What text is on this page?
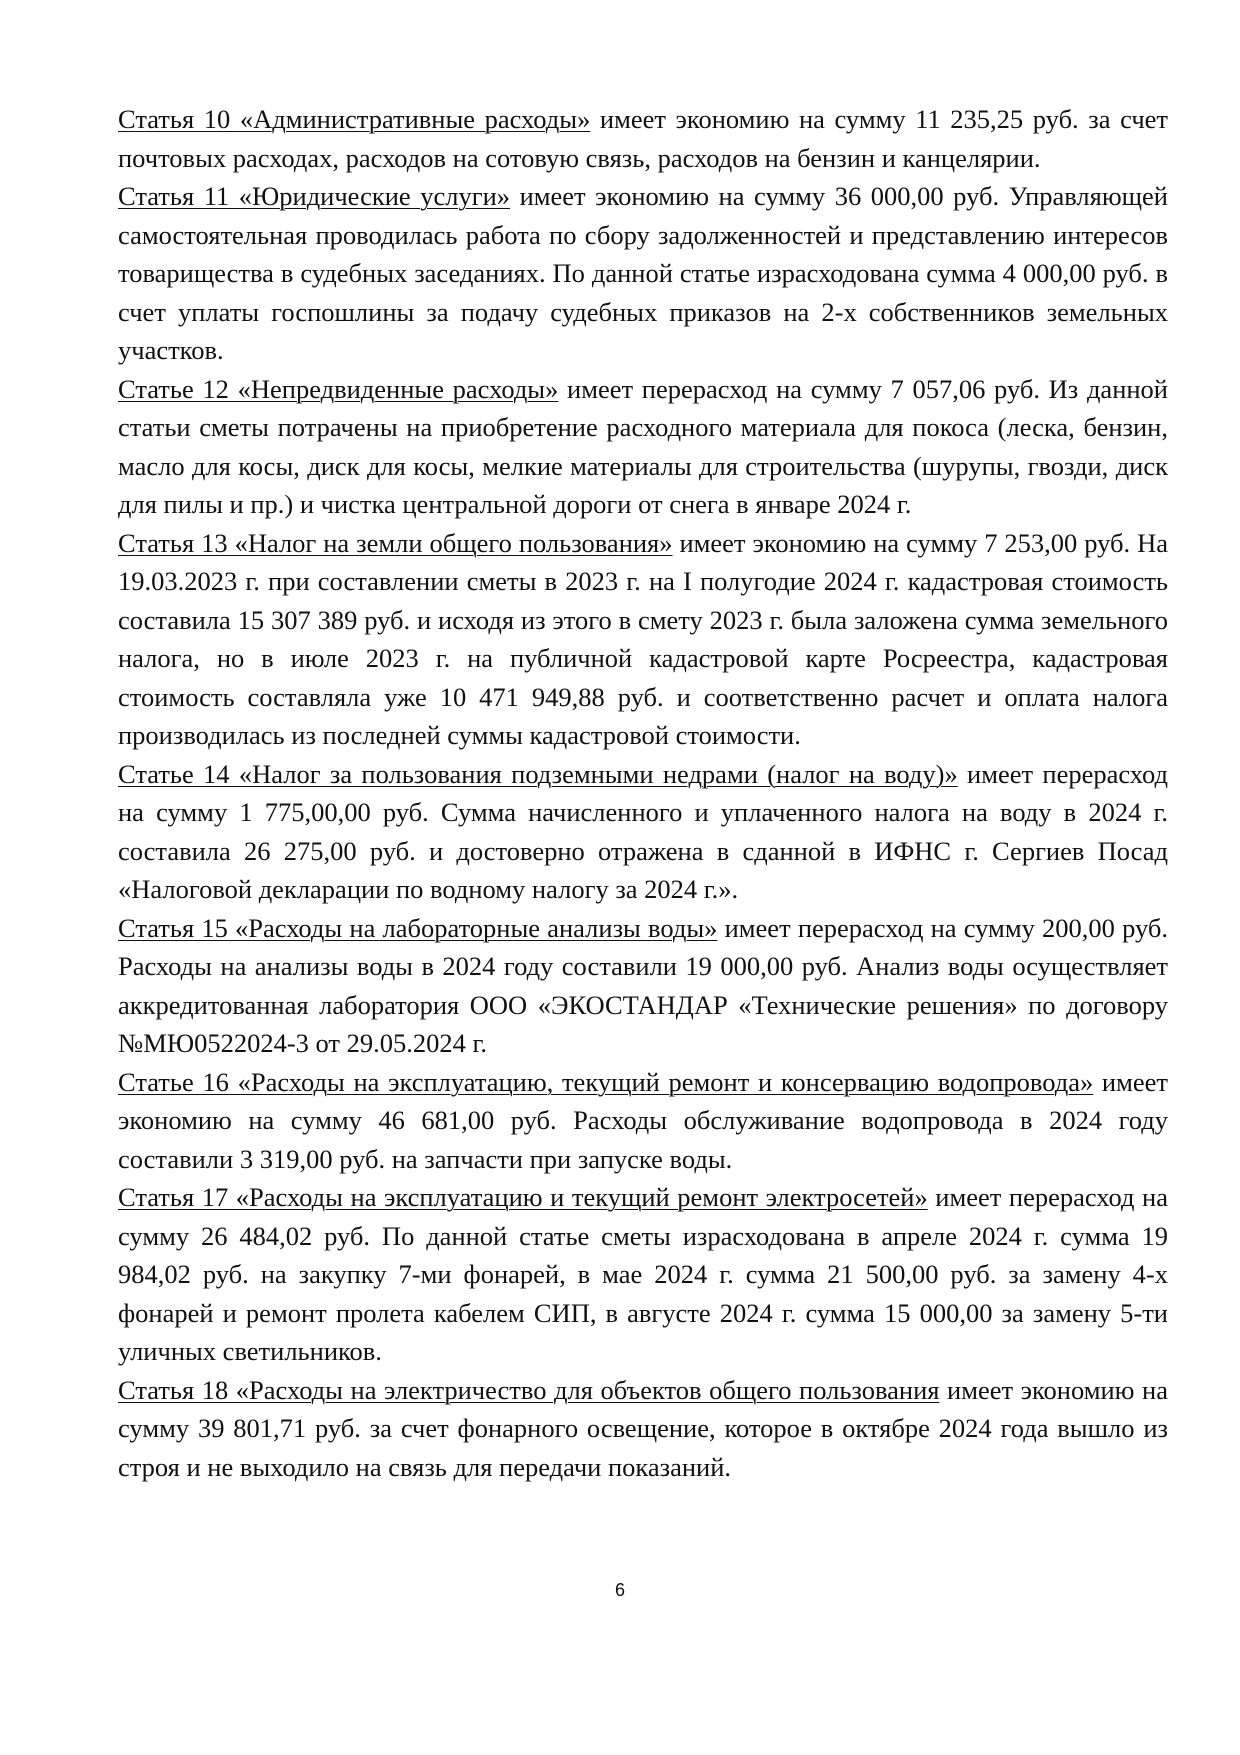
Статья 10 «Административные расходы» имеет экономию на сумму 11 235,25 руб. за счет почтовых расходах, расходов на сотовую связь, расходов на бензин и канцелярии.

Статья 11 «Юридические услуги» имеет экономию на сумму 36 000,00 руб. Управляющей самостоятельная проводилась работа по сбору задолженностей и представлению интересов товарищества в судебных заседаниях. По данной статье израсходована сумма 4 000,00 руб. в счет уплаты госпошлины за подачу судебных приказов на 2-х собственников земельных участков.

Статье 12 «Непредвиденные расходы» имеет перерасход на сумму 7 057,06 руб. Из данной статьи сметы потрачены на приобретение расходного материала для покоса (леска, бензин, масло для косы, диск для косы, мелкие материалы для строительства (шурупы, гвозди, диск для пилы и пр.) и чистка центральной дороги от снега в январе 2024 г.

Статья 13 «Налог на земли общего пользования» имеет экономию на сумму 7 253,00 руб. На 19.03.2023 г. при составлении сметы в 2023 г. на I полугодие 2024 г. кадастровая стоимость составила 15 307 389 руб. и исходя из этого в смету 2023 г. была заложена сумма земельного налога, но в июле 2023 г. на публичной кадастровой карте Росреестра, кадастровая стоимость составляла уже 10 471 949,88 руб. и соответственно расчет и оплата налога производилась из последней суммы кадастровой стоимости.

Статье 14 «Налог за пользования подземными недрами (налог на воду)» имеет перерасход на сумму 1 775,00,00 руб. Сумма начисленного и уплаченного налога на воду в 2024 г. составила 26 275,00 руб. и достоверно отражена в сданной в ИФНС г. Сергиев Посад «Налоговой декларации по водному налогу за 2024 г.».

Статья 15 «Расходы на лабораторные анализы воды» имеет перерасход на сумму 200,00 руб. Расходы на анализы воды в 2024 году составили 19 000,00 руб. Анализ воды осуществляет аккредитованная лаборатория ООО «ЭКОСТАНДАР «Технические решения» по договору №МЮ0522024-3 от 29.05.2024 г.

Статье 16 «Расходы на эксплуатацию, текущий ремонт и консервацию водопровода» имеет экономию на сумму 46 681,00 руб. Расходы обслуживание водопровода в 2024 году составили 3 319,00 руб. на запчасти при запуске воды.

Статья 17 «Расходы на эксплуатацию и текущий ремонт электросетей» имеет перерасход на сумму 26 484,02 руб. По данной статье сметы израсходована в апреле 2024 г. сумма 19 984,02 руб. на закупку 7-ми фонарей, в мае 2024 г. сумма 21 500,00 руб. за замену 4-х фонарей и ремонт пролета кабелем СИП, в августе 2024 г. сумма 15 000,00 за замену 5-ти уличных светильников.

Статья 18 «Расходы на электричество для объектов общего пользования имеет экономию на сумму 39 801,71 руб. за счет фонарного освещение, которое в октябре 2024 года вышло из строя и не выходило на связь для передачи показаний.

6
